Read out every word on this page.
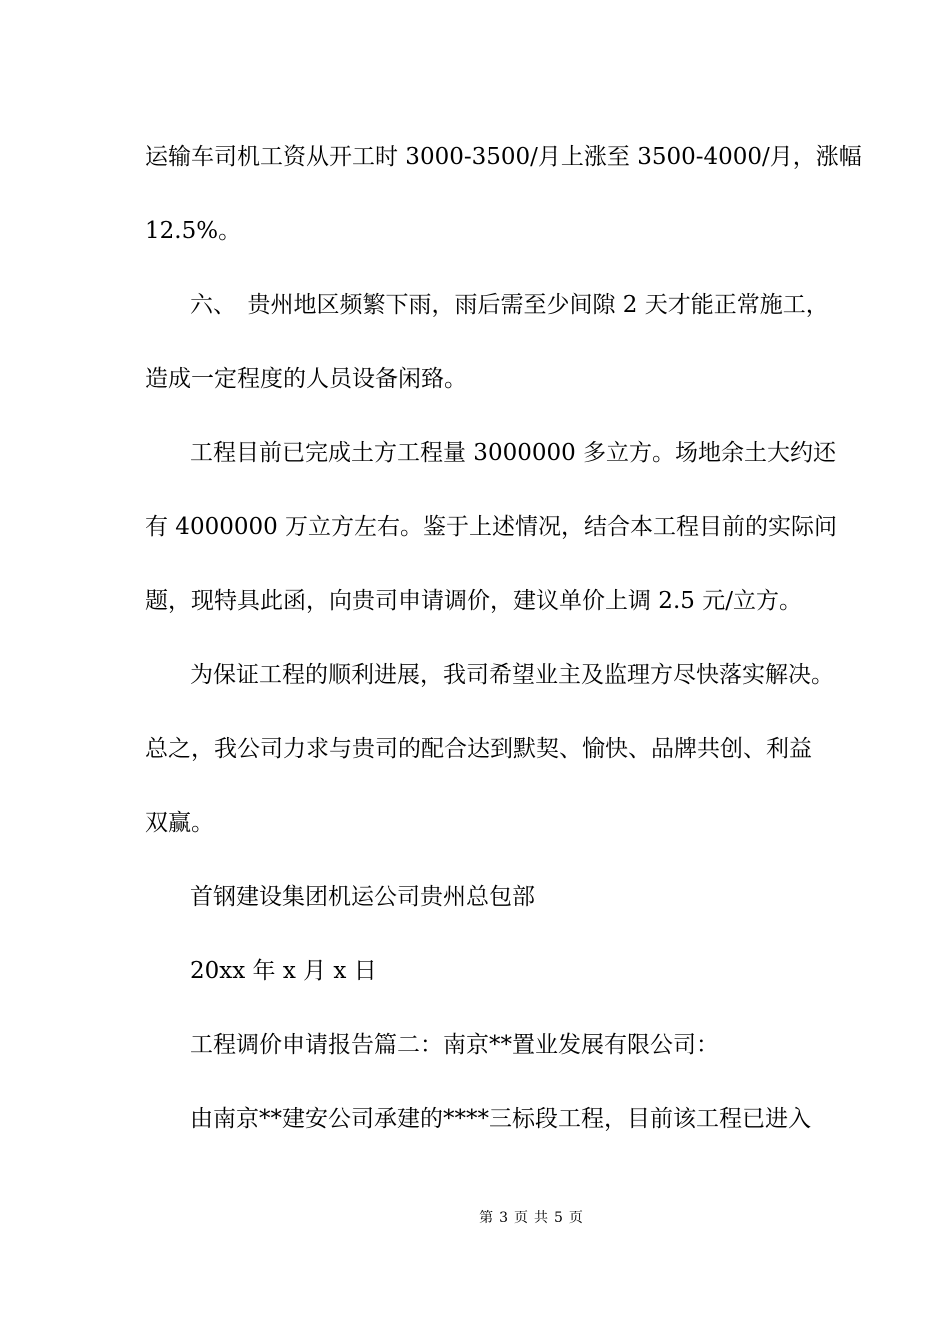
运输车司机工资从开工时 3000-3500/月上涨至 3500-4000/月，涨幅
12.5%。
六、　贵州地区频繁下雨，雨后需至少间隙 2 天才能正常施工，
造成一定程度的人员设备闲臵。
工程目前已完成土方工程量 3000000 多立方。场地余土大约还
有 4000000 万立方左右。鉴于上述情况，结合本工程目前的实际问
题，现特具此函，向贵司申请调价，建议单价上调 2.5 元/立方。
为保证工程的顺利进展，我司希望业主及监理方尽快落实解决。
总之，我公司力求与贵司的配合达到默契、愉快、品牌共创、利益
双赢。
首钢建设集团机运公司贵州总包部
20xx 年 x 月 x 日
工程调价申请报告篇二：南京**置业发展有限公司：
由南京**建安公司承建的****三标段工程，目前该工程已进入
第 3 页 共 5 页
